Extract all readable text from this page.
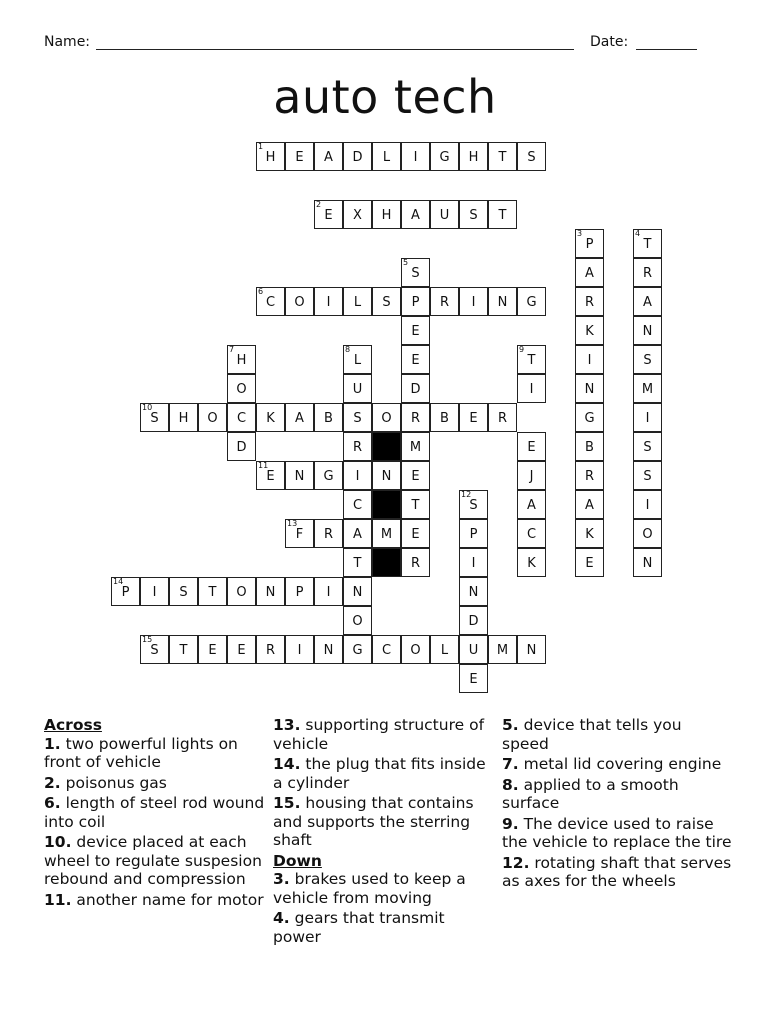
Name:	Date:
auto tech
1
H	E	A	D	L	I	G	H	T	S
2
E	X	H	A	U	S	T
3
P
4
T
5
S	A	R
6
C	O	I	L	S	P	R	I	N	G	R	A
E	K	N
7
H
8
L	E
9
T	I	S
O	U	D	I	N	M
10
S	H	O	C	K	A	B	S	O	R	B	E	R	G	I
D	R	M	E	B	S
11
E	N	G	I	N	E	J	R	S
C	T
12
S	A	A	I
13
F	R	A	M	E	P	C	K	O
T	R	I	K	E	N
14
P	I	S	T	O	N	P	I	N	N
O	D
15
S	T	E	E	R	I	N	G	C	O	L	U	M	N
E

Across

1. two powerful lights on front of vehicle

2. poisonus gas

6. length of steel rod wound into coil

10. device placed at each wheel to regulate suspesion rebound and compression

11. another name for motor

13. supporting structure of vehicle

14. the plug that fits inside a cylinder

15. housing that contains and supports the sterring shaft

Down

3. brakes used to keep a vehicle from moving

4. gears that transmit power

5. device that tells you speed

7. metal lid covering engine

8. applied to a smooth surface

9. The device used to raise the vehicle to replace the tire

12. rotating shaft that serves as axes for the wheels
